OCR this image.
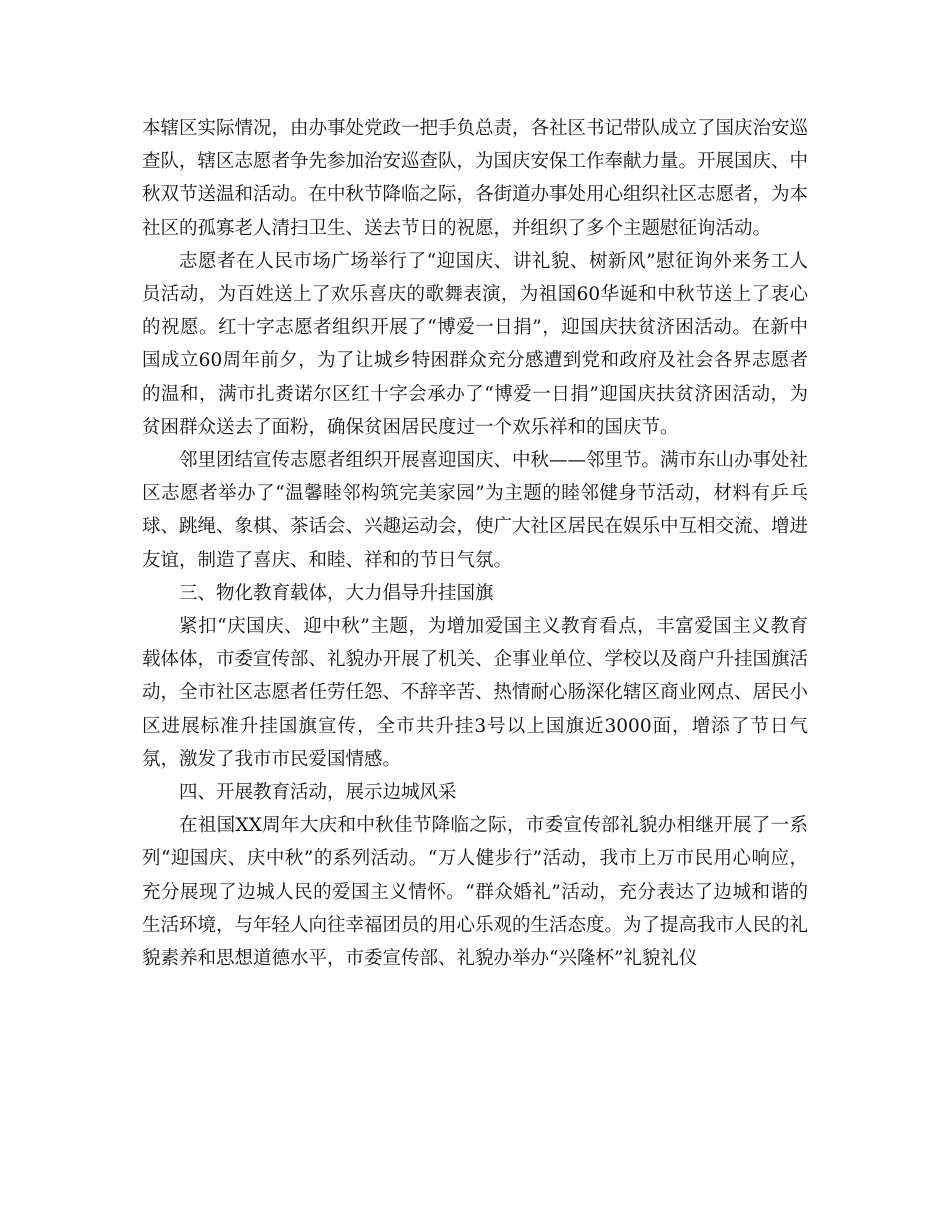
本辖区实际情况，由办事处党政一把手负总责，各社区书记带队成立了国庆治安巡查队，辖区志愿者争先参加治安巡查队，为国庆安保工作奉献力量。开展国庆、中秋双节送温和活动。在中秋节降临之际，各街道办事处用心组织社区志愿者，为本社区的孤寡老人清扫卫生、送去节日的祝愿，并组织了多个主题慰征询活动。

志愿者在人民市场广场举行了“迎国庆、讲礼貌、树新风”慰征询外来务工人员活动，为百姓送上了欢乐喜庆的歌舞表演，为祖国60华诞和中秋节送上了衷心的祝愿。红十字志愿者组织开展了“博爱一日捐”，迎国庆扶贫济困活动。在新中国成立60周年前夕，为了让城乡特困群众充分感遭到党和政府及社会各界志愿者的温和，满市扎赉诺尔区红十字会承办了“博爱一日捐”迎国庆扶贫济困活动，为贫困群众送去了面粉，确保贫困居民度过一个欢乐祥和的国庆节。

邻里团结宣传志愿者组织开展喜迎国庆、中秋——邻里节。满市东山办事处社区志愿者举办了“温馨睦邻构筑完美家园”为主题的睦邻健身节活动，材料有乒乓球、跳绳、象棋、茶话会、兴趣运动会，使广大社区居民在娱乐中互相交流、增进友谊，制造了喜庆、和睦、祥和的节日气氛。

三、物化教育载体，大力倡导升挂国旗

紧扣“庆国庆、迎中秋”主题，为增加爱国主义教育看点，丰富爱国主义教育载体体，市委宣传部、礼貌办开展了机关、企事业单位、学校以及商户升挂国旗活动，全市社区志愿者任劳任怨、不辞辛苦、热情耐心肠深化辖区商业网点、居民小区进展标准升挂国旗宣传，全市共升挂3号以上国旗近3000面，增添了节日气氛，激发了我市市民爱国情感。

四、开展教育活动，展示边城风采

在祖国XX周年大庆和中秋佳节降临之际，市委宣传部礼貌办相继开展了一系列“迎国庆、庆中秋”的系列活动。“万人健步行”活动，我市上万市民用心响应，充分展现了边城人民的爱国主义情怀。“群众婚礼”活动，充分表达了边城和谐的生活环境，与年轻人向往幸福团员的用心乐观的生活态度。为了提高我市人民的礼貌素养和思想道德水平，市委宣传部、礼貌办举办“兴隆杯”礼貌礼仪
